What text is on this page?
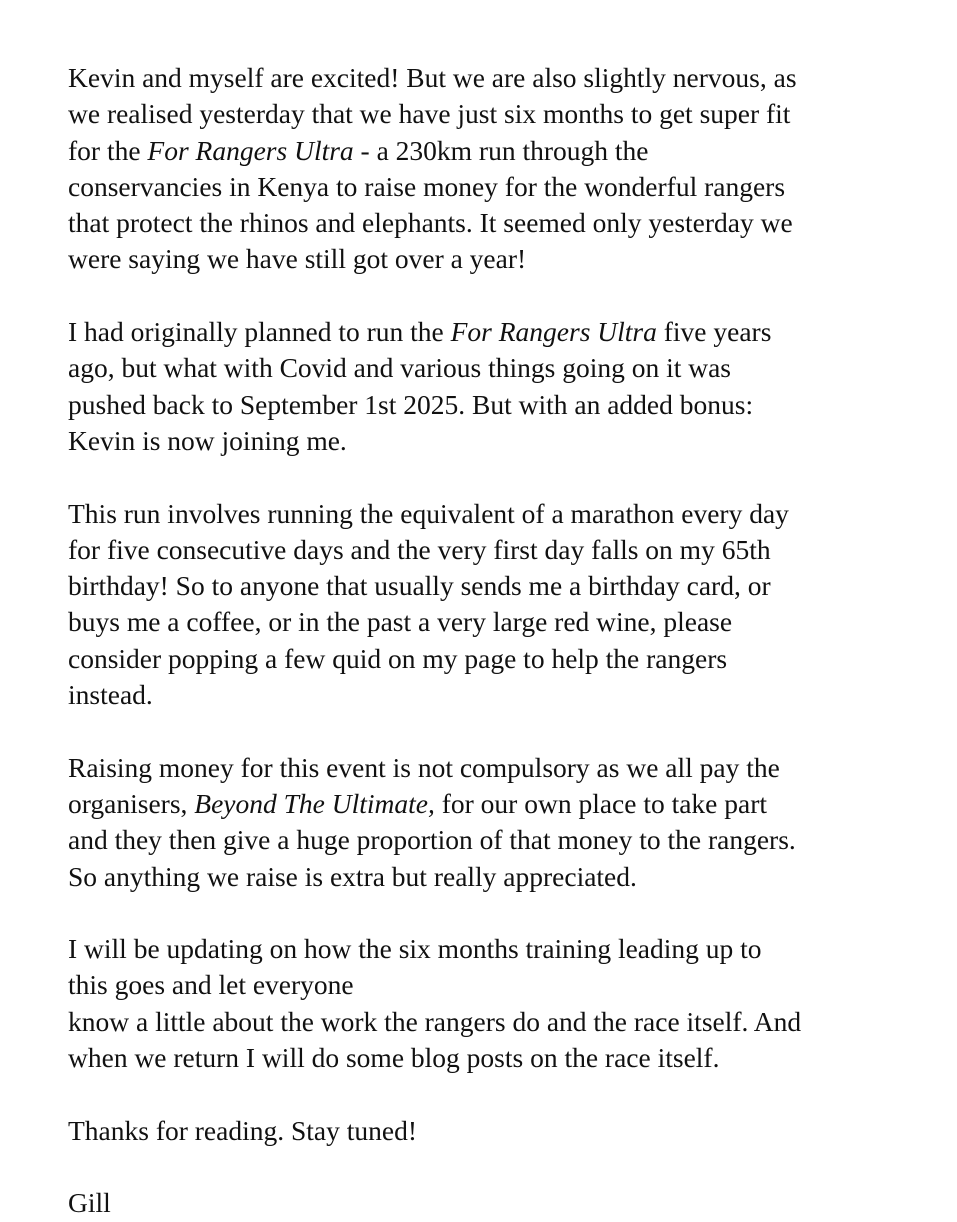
Kevin and myself are excited! But we are also slightly nervous, as
we realised yesterday that we have just six months to get super fit
for the For Rangers Ultra - a 230km run through the
conservancies in Kenya to raise money for the wonderful rangers
that protect the rhinos and elephants. It seemed only yesterday we
were saying we have still got over a year!

I had originally planned to run the For Rangers Ultra five years
ago, but what with Covid and various things going on it was
pushed back to September 1st 2025. But with an added bonus:
Kevin is now joining me.

This run involves running the equivalent of a marathon every day
for five consecutive days and the very first day falls on my 65th
birthday! So to anyone that usually sends me a birthday card, or
buys me a coffee, or in the past a very large red wine, please
consider popping a few quid on my page to help the rangers
instead.

Raising money for this event is not compulsory as we all pay the
organisers, Beyond The Ultimate, for our own place to take part
and they then give a huge proportion of that money to the rangers.
So anything we raise is extra but really appreciated.

I will be updating on how the six months training leading up to
this goes and let everyone
know a little about the work the rangers do and the race itself. And
when we return I will do some blog posts on the race itself.

Thanks for reading. Stay tuned!

Gill
